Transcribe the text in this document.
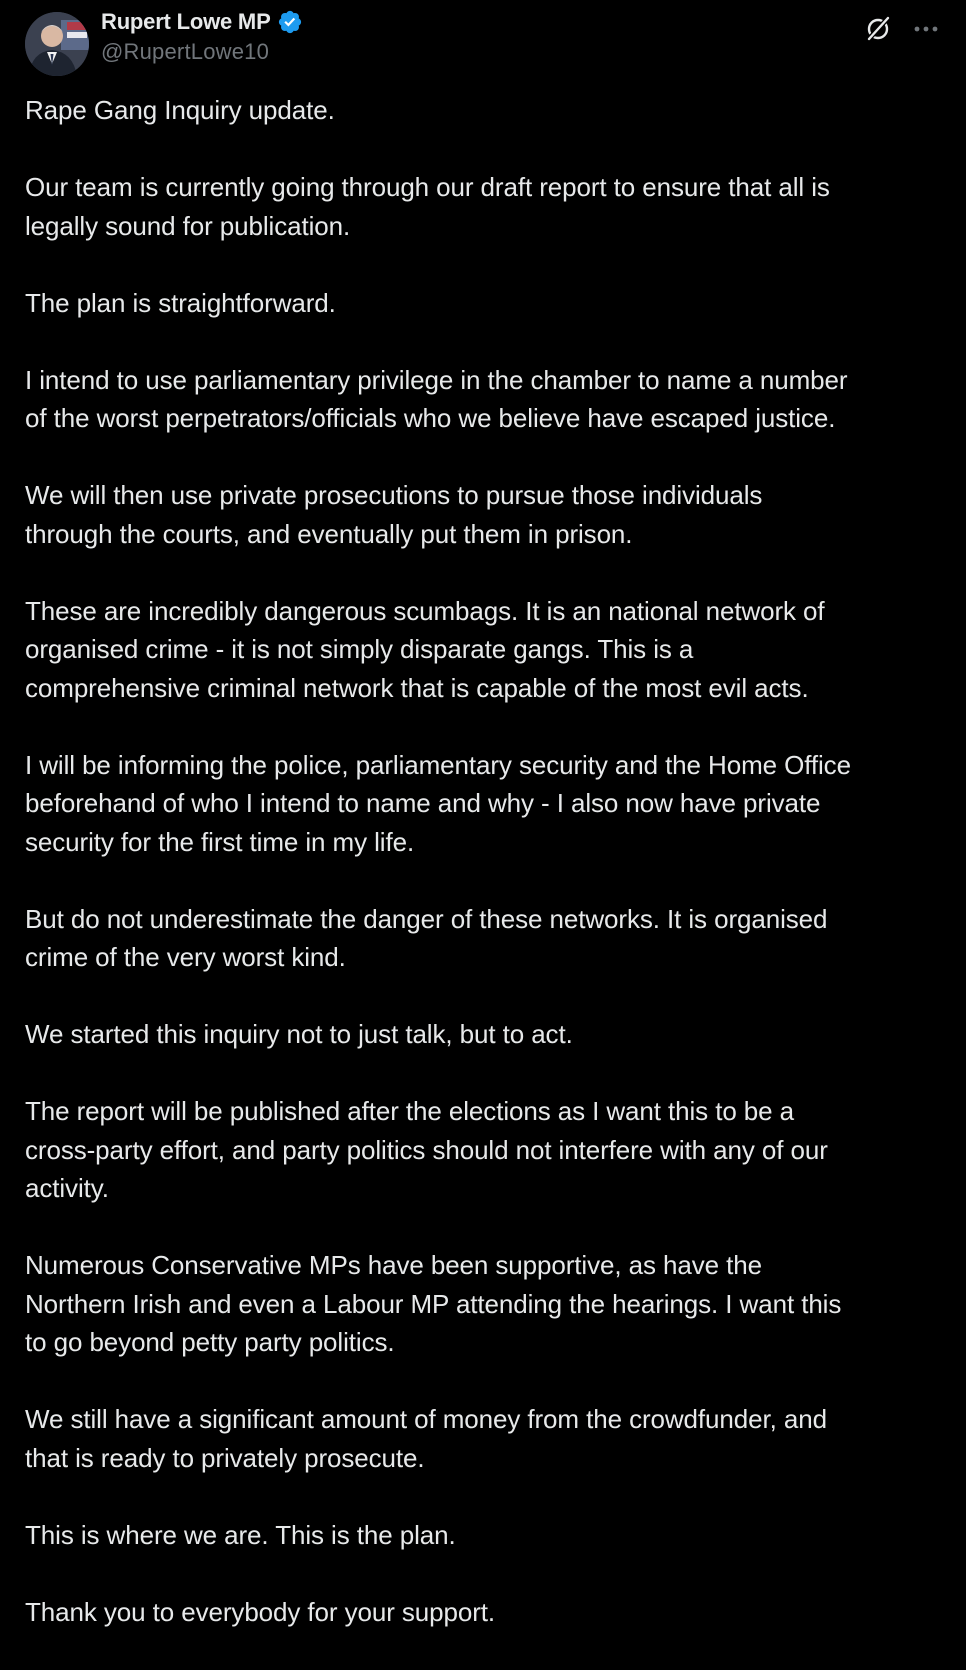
Rupert Lowe MP
@RupertLowe10

Rape Gang Inquiry update.

Our team is currently going through our draft report to ensure that all is
legally sound for publication.

The plan is straightforward.

I intend to use parliamentary privilege in the chamber to name a number
of the worst perpetrators/officials who we believe have escaped justice.

We will then use private prosecutions to pursue those individuals
through the courts, and eventually put them in prison.

These are incredibly dangerous scumbags. It is an national network of
organised crime - it is not simply disparate gangs. This is a
comprehensive criminal network that is capable of the most evil acts.

I will be informing the police, parliamentary security and the Home Office
beforehand of who I intend to name and why - I also now have private
security for the first time in my life.

But do not underestimate the danger of these networks. It is organised
crime of the very worst kind.

We started this inquiry not to just talk, but to act.

The report will be published after the elections as I want this to be a
cross-party effort, and party politics should not interfere with any of our
activity.

Numerous Conservative MPs have been supportive, as have the
Northern Irish and even a Labour MP attending the hearings. I want this
to go beyond petty party politics.

We still have a significant amount of money from the crowdfunder, and
that is ready to privately prosecute.

This is where we are. This is the plan.

Thank you to everybody for your support.
